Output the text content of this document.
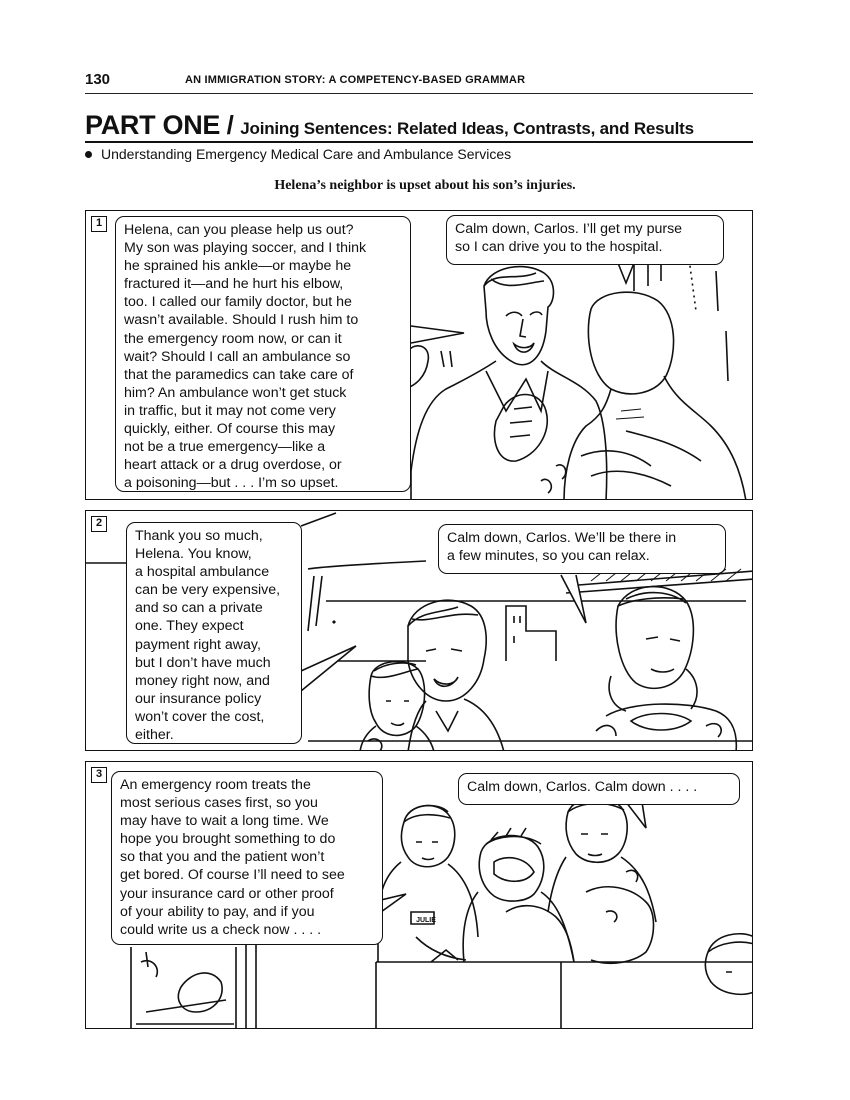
130	AN IMMIGRATION STORY: A COMPETENCY-BASED GRAMMAR
PART ONE / Joining Sentences: Related Ideas, Contrasts, and Results
Understanding Emergency Medical Care and Ambulance Services
Helena’s neighbor is upset about his son’s injuries.
1	Helena, can you please help us out?

My son was playing soccer, and I think

he sprained his ankle—or maybe he

fractured it—and he hurt his elbow,

too. I called our family doctor, but he

wasn’t available. Should I rush him to

the emergency room now, or can it

wait? Should I call an ambulance so

that the paramedics can take care of

him? An ambulance won’t get stuck

in traffic, but it may not come very

quickly, either. Of course this may

not be a true emergency—like a

heart attack or a drug overdose, or

a poisoning—but . . . I’m so upset.

Calm down, Carlos. I’ll get my purse

so I can drive you to the hospital.

2

Thank you so much,

Helena. You know,

a hospital ambulance

can be very expensive,

and so can a private

one. They expect

payment right away,

but I don’t have much

money right now, and

our insurance policy

won’t cover the cost,

either.

Calm down, Carlos. We’ll be there in

a few minutes, so you can relax.

3
JULIE

An emergency room treats the

most serious cases first, so you

may have to wait a long time. We

hope you brought something to do

so that you and the patient won’t

get bored. Of course I’ll need to see

your insurance card or other proof

of your ability to pay, and if you

could write us a check now . . . .

Calm down, Carlos. Calm down . . . .
